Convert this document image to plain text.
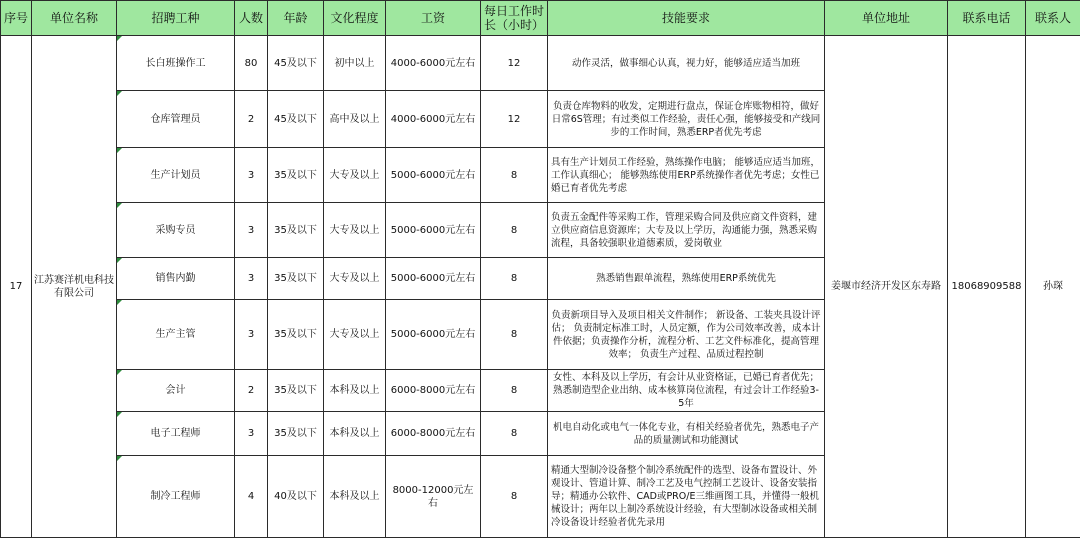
序号	单位名称	招聘工种	人数	年龄	文化程度	工资	每日工作时长（小时）	技能要求	单位地址	联系电话	联系人
17	江苏赛洋机电科技有限公司	长白班操作工	80	45及以下	初中以上	4000-6000元左右	12	动作灵活，做事细心认真，视力好，能够适应适当加班	姜堰市经济开发区东寿路	18068909588	孙琛
		仓库管理员	2	45及以下	高中及以上	4000-6000元左右	12	负责仓库物料的收发，定期进行盘点，保证仓库账物相符，做好日常6S管理；有过类似工作经验，责任心强，能够接受和产线同步的工作时间，熟悉ERP者优先考虑			
		生产计划员	3	35及以下	大专及以上	5000-6000元左右	8	具有生产计划员工作经验，熟练操作电脑； 能够适应适当加班，工作认真细心； 能够熟练使用ERP系统操作者优先考虑；女性已婚已育者优先考虑			
		采购专员	3	35及以下	大专及以上	5000-6000元左右	8	负责五金配件等采购工作，管理采购合同及供应商文件资料，建立供应商信息资源库；大专及以上学历，沟通能力强，熟悉采购流程，具备较强职业道德素质，爱岗敬业			
		销售内勤	3	35及以下	大专及以上	5000-6000元左右	8	熟悉销售跟单流程，熟练使用ERP系统优先			
		生产主管	3	35及以下	大专及以上	5000-6000元左右	8	负责新项目导入及项目相关文件制作； 新设备、工装夹具设计评估； 负责制定标准工时，人员定额，作为公司效率改善，成本计件依据；负责操作分析，流程分析、工艺文件标准化，提高管理效率； 负责生产过程、品质过程控制			
		会计	2	35及以下	本科及以上	6000-8000元左右	8	女性、本科及以上学历，有会计从业资格证，已婚已育者优先；熟悉制造型企业出纳、成本核算岗位流程，有过会计工作经验3-5年			
		电子工程师	3	35及以下	本科及以上	6000-8000元左右	8	机电自动化或电气一体化专业，有相关经验者优先，熟悉电子产品的质量测试和功能测试			
		制冷工程师	4	40及以下	本科及以上	8000-12000元左右	8	精通大型制冷设备整个制冷系统配件的选型、设备布置设计、外观设计、管道计算、制冷工艺及电气控制工艺设计、设备安装指导；精通办公软件、CAD或PRO/E三维画图工具，并懂得一般机械设计；两年以上制冷系统设计经验，有大型制冰设备或相关制冷设备设计经验者优先录用			
